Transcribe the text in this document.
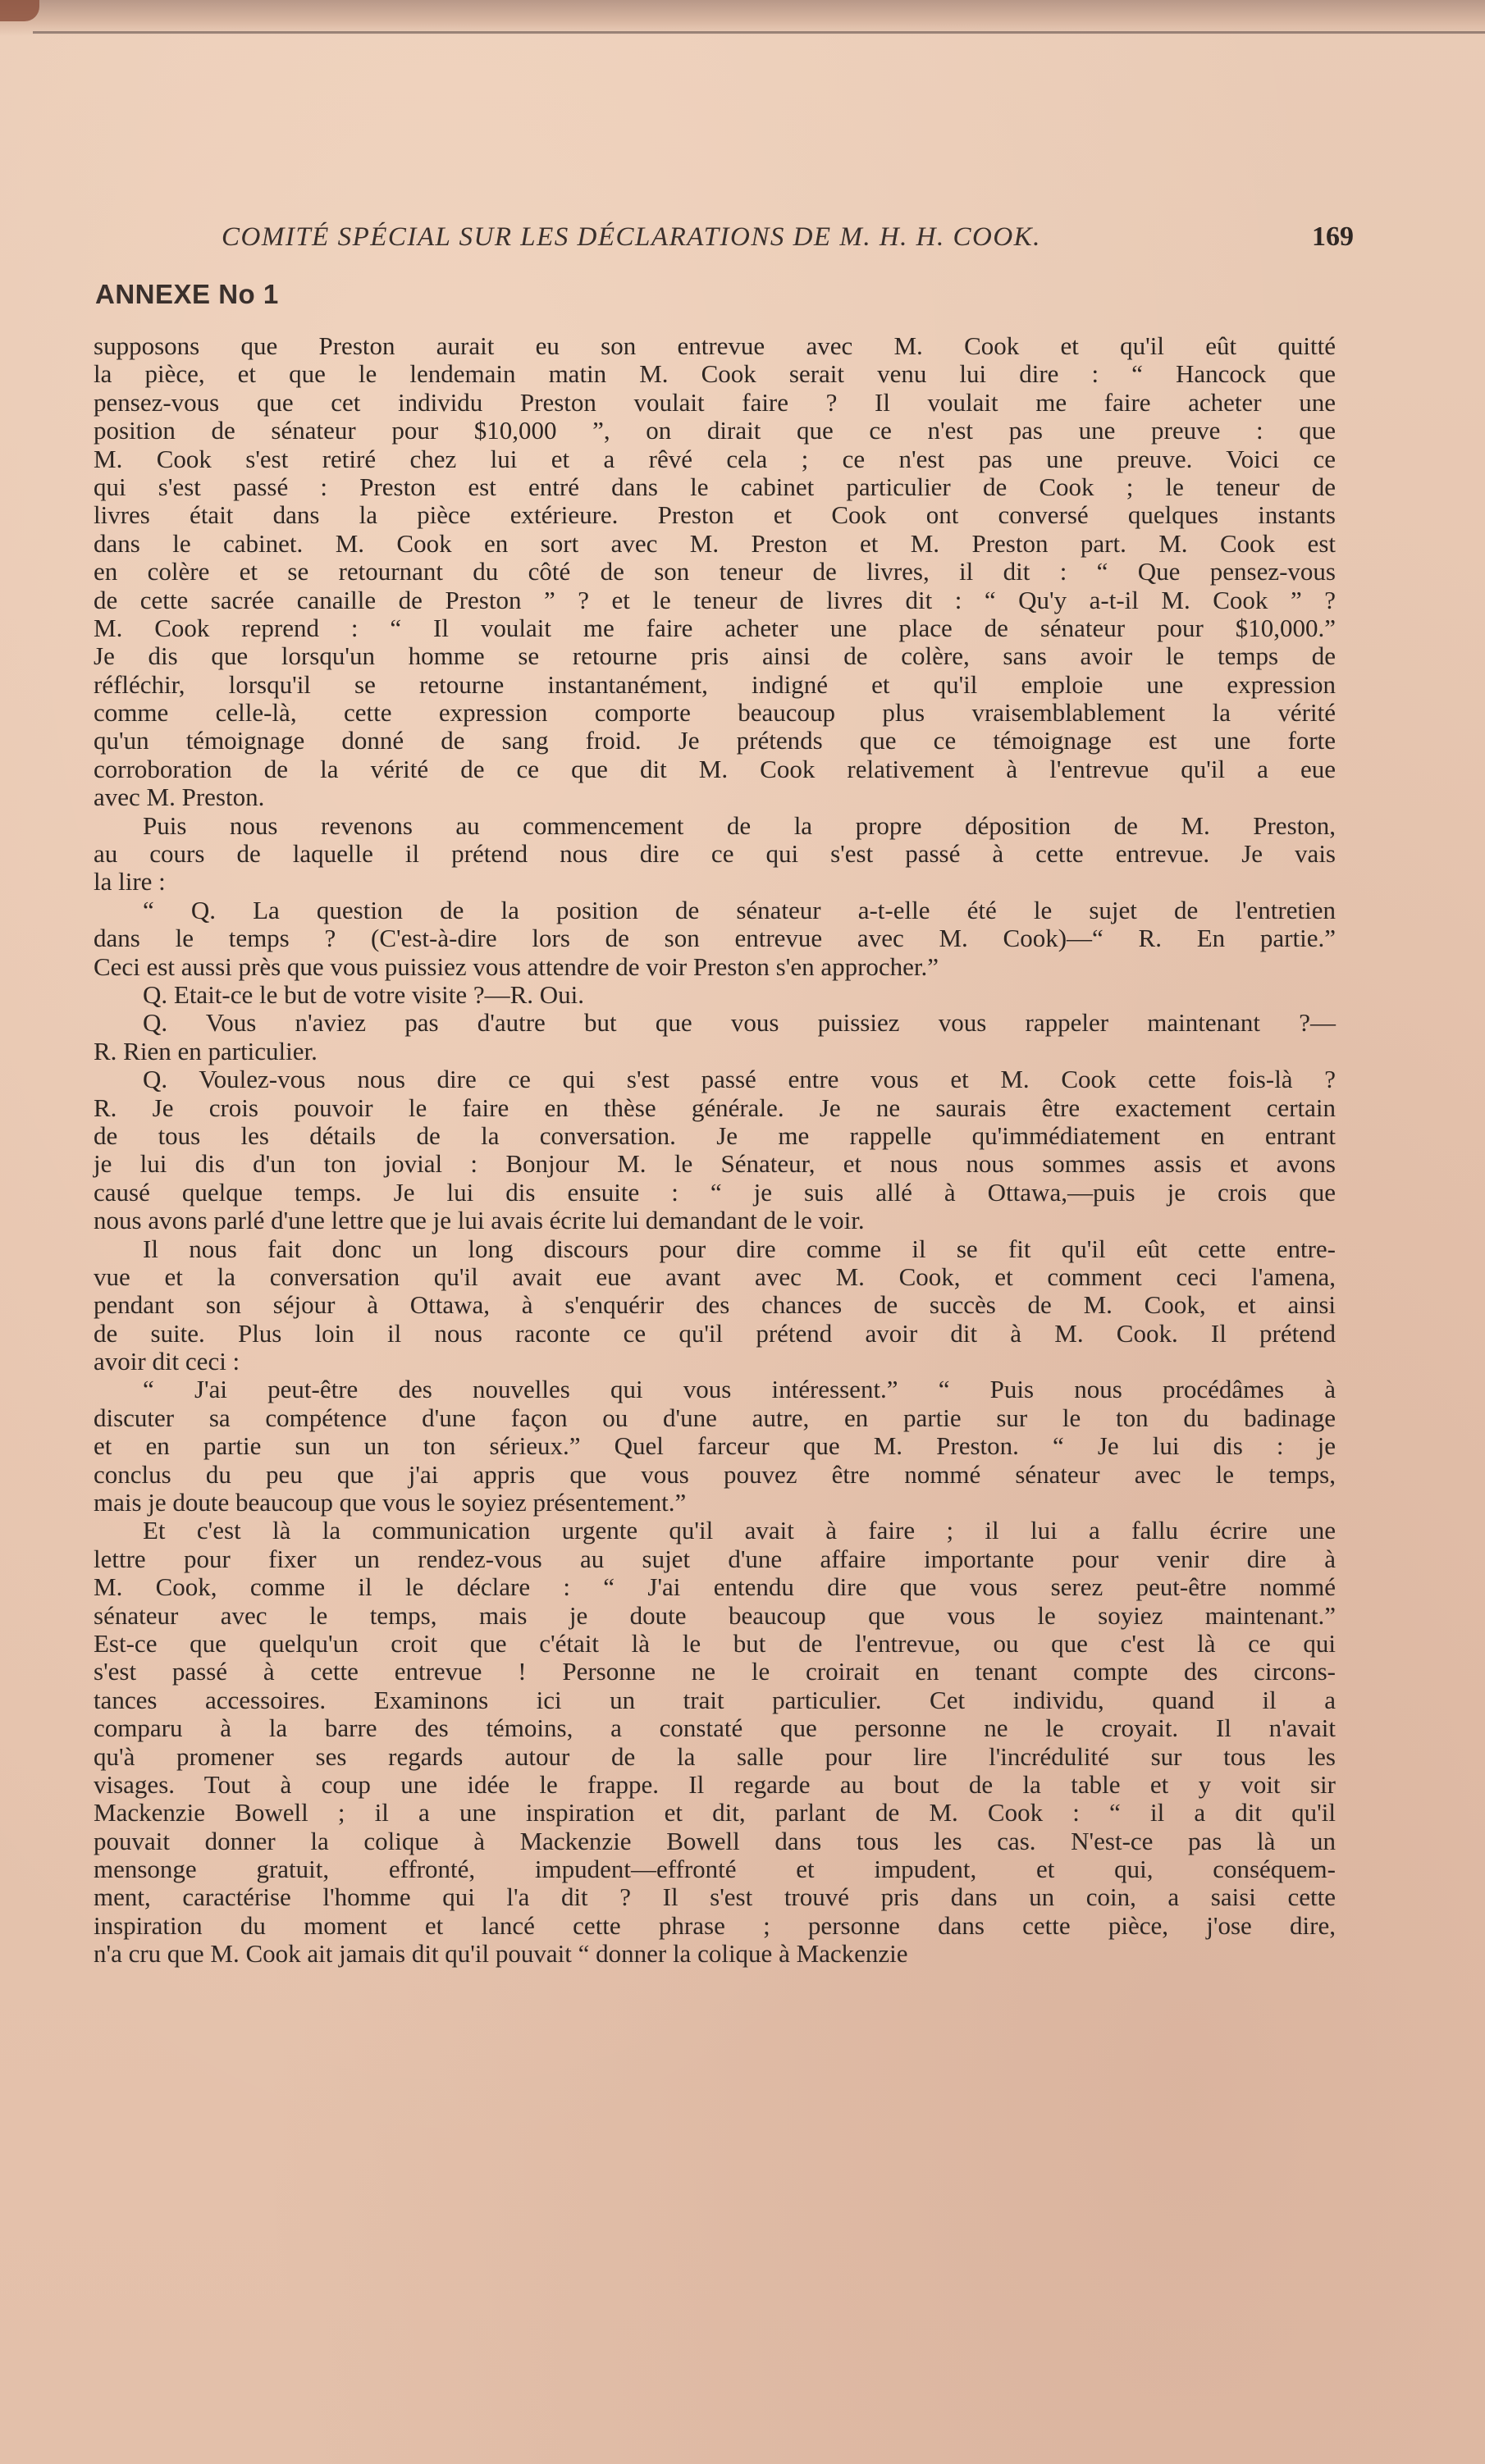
COMITÉ SPÉCIAL SUR LES DÉCLARATIONS DE M. H. H. COOK.	169
ANNEXE No 1
supposons que Preston aurait eu son entrevue avec M. Cook et qu'il eût quitté
la pièce, et que le lendemain matin M. Cook serait venu lui dire : “ Hancock que
pensez-vous que cet individu Preston voulait faire ? Il voulait me faire acheter une
position de sénateur pour $10,000 ”, on dirait que ce n'est pas une preuve : que
M. Cook s'est retiré chez lui et a rêvé cela ; ce n'est pas une preuve. Voici ce
qui s'est passé : Preston est entré dans le cabinet particulier de Cook ; le teneur de
livres était dans la pièce extérieure. Preston et Cook ont conversé quelques instants
dans le cabinet. M. Cook en sort avec M. Preston et M. Preston part. M. Cook est
en colère et se retournant du côté de son teneur de livres, il dit : “ Que pensez-vous
de cette sacrée canaille de Preston ” ? et le teneur de livres dit : “ Qu'y a-t-il M. Cook ” ?
M. Cook reprend : “ Il voulait me faire acheter une place de sénateur pour $10,000.”
Je dis que lorsqu'un homme se retourne pris ainsi de colère, sans avoir le temps de
réfléchir, lorsqu'il se retourne instantanément, indigné et qu'il emploie une expression
comme celle-là, cette expression comporte beaucoup plus vraisemblablement la vérité
qu'un témoignage donné de sang froid. Je prétends que ce témoignage est une forte
corroboration de la vérité de ce que dit M. Cook relativement à l'entrevue qu'il a eue
avec M. Preston.
Puis nous revenons au commencement de la propre déposition de M. Preston,
au cours de laquelle il prétend nous dire ce qui s'est passé à cette entrevue. Je vais
la lire :
“ Q. La question de la position de sénateur a-t-elle été le sujet de l'entretien
dans le temps ? (C'est-à-dire lors de son entrevue avec M. Cook)—“ R. En partie.”
Ceci est aussi près que vous puissiez vous attendre de voir Preston s'en approcher.”
Q. Etait-ce le but de votre visite ?—R. Oui.
Q. Vous n'aviez pas d'autre but que vous puissiez vous rappeler maintenant ?—
R. Rien en particulier.
Q. Voulez-vous nous dire ce qui s'est passé entre vous et M. Cook cette fois-là ?
R. Je crois pouvoir le faire en thèse générale. Je ne saurais être exactement certain
de tous les détails de la conversation. Je me rappelle qu'immédiatement en entrant
je lui dis d'un ton jovial : Bonjour M. le Sénateur, et nous nous sommes assis et avons
causé quelque temps. Je lui dis ensuite : “ je suis allé à Ottawa,—puis je crois que
nous avons parlé d'une lettre que je lui avais écrite lui demandant de le voir.
Il nous fait donc un long discours pour dire comme il se fit qu'il eût cette entre-
vue et la conversation qu'il avait eue avant avec M. Cook, et comment ceci l'amena,
pendant son séjour à Ottawa, à s'enquérir des chances de succès de M. Cook, et ainsi
de suite. Plus loin il nous raconte ce qu'il prétend avoir dit à M. Cook. Il prétend
avoir dit ceci :
“ J'ai peut-être des nouvelles qui vous intéressent.” “ Puis nous procédâmes à
discuter sa compétence d'une façon ou d'une autre, en partie sur le ton du badinage
et en partie sun un ton sérieux.” Quel farceur que M. Preston. “ Je lui dis : je
conclus du peu que j'ai appris que vous pouvez être nommé sénateur avec le temps,
mais je doute beaucoup que vous le soyiez présentement.”
Et c'est là la communication urgente qu'il avait à faire ; il lui a fallu écrire une
lettre pour fixer un rendez-vous au sujet d'une affaire importante pour venir dire à
M. Cook, comme il le déclare : “ J'ai entendu dire que vous serez peut-être nommé
sénateur avec le temps, mais je doute beaucoup que vous le soyiez maintenant.”
Est-ce que quelqu'un croit que c'était là le but de l'entrevue, ou que c'est là ce qui
s'est passé à cette entrevue ! Personne ne le croirait en tenant compte des circons-
tances accessoires. Examinons ici un trait particulier. Cet individu, quand il a
comparu à la barre des témoins, a constaté que personne ne le croyait. Il n'avait
qu'à promener ses regards autour de la salle pour lire l'incrédulité sur tous les
visages. Tout à coup une idée le frappe. Il regarde au bout de la table et y voit sir
Mackenzie Bowell ; il a une inspiration et dit, parlant de M. Cook : “ il a dit qu'il
pouvait donner la colique à Mackenzie Bowell dans tous les cas. N'est-ce pas là un
mensonge gratuit, effronté, impudent—effronté et impudent, et qui, conséquem-
ment, caractérise l'homme qui l'a dit ? Il s'est trouvé pris dans un coin, a saisi cette
inspiration du moment et lancé cette phrase ; personne dans cette pièce, j'ose dire,
n'a cru que M. Cook ait jamais dit qu'il pouvait “ donner la colique à Mackenzie
